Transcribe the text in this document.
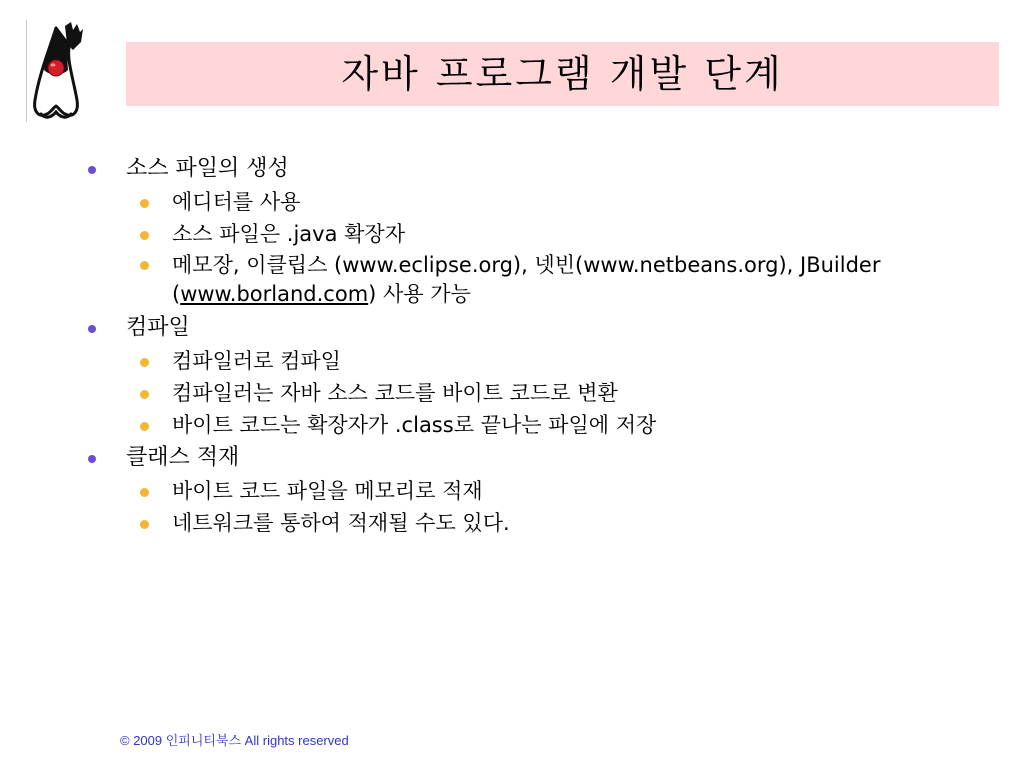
자바 프로그램 개발 단계
소스 파일의 생성
에디터를 사용
소스 파일은 .java 확장자
메모장, 이클립스 (www.eclipse.org), 넷빈(www.netbeans.org), JBuilder (www.borland.com) 사용 가능
컴파일
컴파일러로 컴파일
컴파일러는 자바 소스 코드를 바이트 코드로 변환
바이트 코드는 확장자가 .class로 끝나는 파일에 저장
클래스 적재
바이트 코드 파일을 메모리로 적재
네트워크를 통하여 적재될 수도 있다.
© 2009 인피니티북스 All rights reserved
